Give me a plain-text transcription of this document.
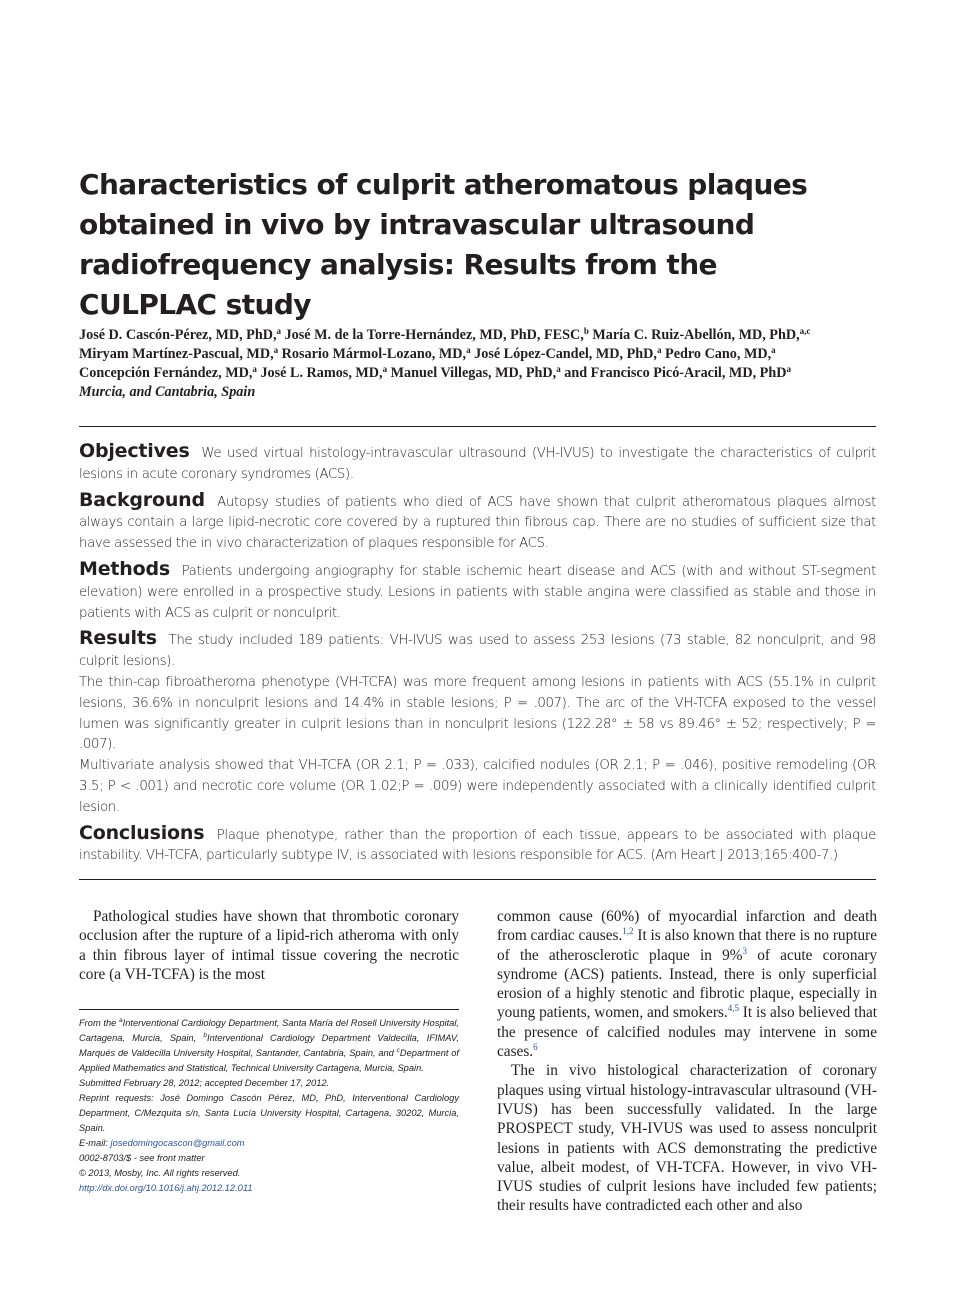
Characteristics of culprit atheromatous plaques obtained in vivo by intravascular ultrasound radiofrequency analysis: Results from the CULPLAC study
José D. Cascón-Pérez, MD, PhD,$^a$ José M. de la Torre-Hernández, MD, PhD, FESC,$^b$ María C. Ruiz-Abellón, MD, PhD,$^{a,c}$
Miryam Martínez-Pascual, MD,$^a$ Rosario Mármol-Lozano, MD,$^a$ José López-Candel, MD, PhD,$^a$ Pedro Cano, MD,$^a$
Concepción Fernández, MD,$^a$ José L. Ramos, MD,$^a$ Manuel Villegas, MD, PhD,$^a$ and Francisco Picó-Aracil, MD, PhD$^a$
Murcia, and Cantabria, Spain

Objectives We used virtual histology-intravascular ultrasound (VH-IVUS) to investigate the characteristics of culprit lesions in acute coronary syndromes (ACS).

Background Autopsy studies of patients who died of ACS have shown that culprit atheromatous plaques almost always contain a large lipid-necrotic core covered by a ruptured thin fibrous cap. There are no studies of sufficient size that have assessed the in vivo characterization of plaques responsible for ACS.

Methods Patients undergoing angiography for stable ischemic heart disease and ACS (with and without ST-segment elevation) were enrolled in a prospective study. Lesions in patients with stable angina were classified as stable and those in patients with ACS as culprit or nonculprit.

Results The study included 189 patients: VH-IVUS was used to assess 253 lesions (73 stable, 82 nonculprit, and 98 culprit lesions).

The thin-cap fibroatheroma phenotype (VH-TCFA) was more frequent among lesions in patients with ACS (55.1% in culprit lesions, 36.6% in nonculprit lesions and 14.4% in stable lesions; P = .007). The arc of the VH-TCFA exposed to the vessel lumen was significantly greater in culprit lesions than in nonculprit lesions (122.28° ± 58 vs 89.46° ± 52; respectively; P = .007).

Multivariate analysis showed that VH-TCFA (OR 2.1; P = .033), calcified nodules (OR 2.1; P = .046), positive remodeling (OR 3.5; P < .001) and necrotic core volume (OR 1.02;P = .009) were independently associated with a clinically identified culprit lesion.

Conclusions Plaque phenotype, rather than the proportion of each tissue, appears to be associated with plaque instability. VH-TCFA, particularly subtype IV, is associated with lesions responsible for ACS. (Am Heart J 2013;165:400-7.)

Pathological studies have shown that thrombotic coronary occlusion after the rupture of a lipid-rich atheroma with only a thin fibrous layer of intimal tissue covering the necrotic core (a VH-TCFA) is the most

From the $^a$Interventional Cardiology Department, Santa María del Rosell University Hospital, Cartagena, Murcia, Spain, $^b$Interventional Cardiology Department Valdecilla, IFIMAV, Marqués de Valdecilla University Hospital, Santander, Cantabria, Spain, and $^c$Department of Applied Mathematics and Statistical, Technical University Cartagena, Murcia, Spain.

Submitted February 28, 2012; accepted December 17, 2012.

Reprint requests: José Domingo Cascón Pérez, MD, PhD, Interventional Cardiology Department, C/Mezquita s/n, Santa Lucía University Hospital, Cartagena, 30202, Murcia, Spain.

E-mail: josedomingocascon@gmail.com

0002-8703/$ - see front matter

© 2013, Mosby, Inc. All rights reserved.

http://dx.doi.org/10.1016/j.ahj.2012.12.011

common cause (60%) of myocardial infarction and death from cardiac causes.$^{1,2}$ It is also known that there is no rupture of the atherosclerotic plaque in 9%$^3$ of acute coronary syndrome (ACS) patients. Instead, there is only superficial erosion of a highly stenotic and fibrotic plaque, especially in young patients, women, and smokers.$^{4,5}$ It is also believed that the presence of calcified nodules may intervene in some cases.$^6$

The in vivo histological characterization of coronary plaques using virtual histology-intravascular ultrasound (VH-IVUS) has been successfully validated. In the large PROSPECT study, VH-IVUS was used to assess nonculprit lesions in patients with ACS demonstrating the predictive value, albeit modest, of VH-TCFA. However, in vivo VH-IVUS studies of culprit lesions have included few patients; their results have contradicted each other and also
